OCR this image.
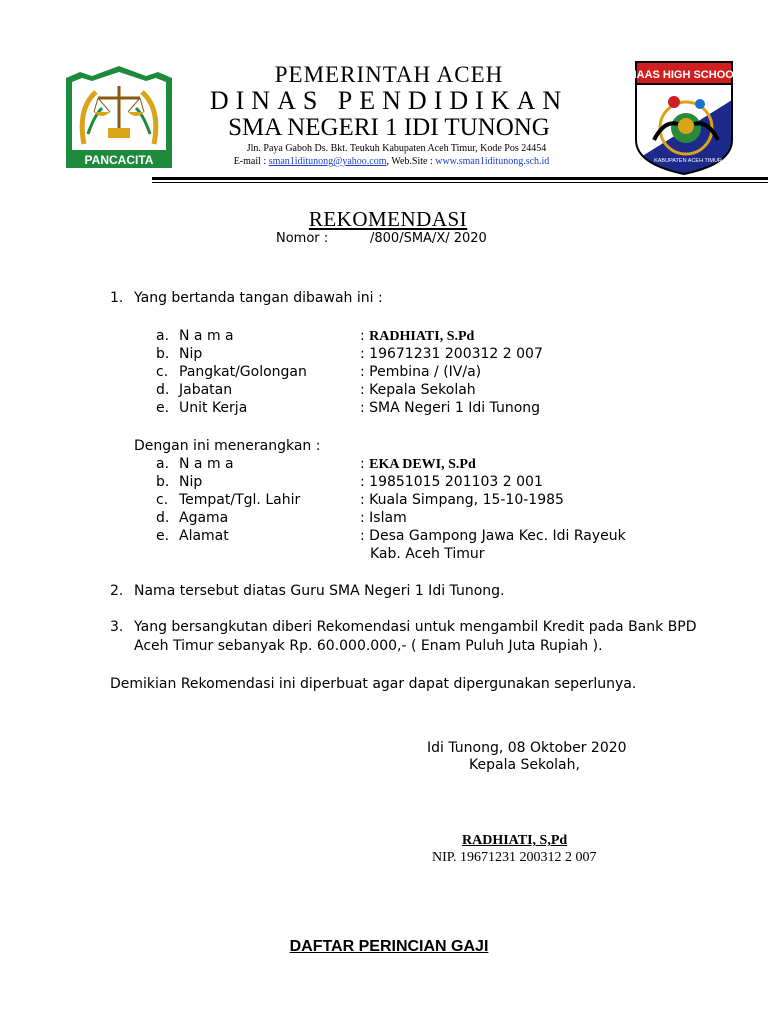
PANCACITA
MAAS HIGH SCHOOL
KABUPATEN ACEH TIMUR
PEMERINTAH ACEH
DINAS PENDIDIKAN
SMA NEGERI 1 IDI TUNONG
Jln. Paya Gaboh Ds. Bkt. Teukuh Kabupaten Aceh Timur, Kode Pos 24454
E-mail : sman1iditunong@yahoo.com, Web.Site : www.sman1iditunong.sch.id
REKOMENDASI
Nomor :	/800/SMA/X/ 2020
1. Yang bertanda tangan dibawah ini :
a. N a m a	: RADHIATI, S.Pd
b. Nip	: 19671231 200312 2 007
c. Pangkat/Golongan	: Pembina / (IV/a)
d. Jabatan	: Kepala Sekolah
e. Unit Kerja	: SMA Negeri 1 Idi Tunong
Dengan ini menerangkan :
a. N a m a	: EKA DEWI, S.Pd
b. Nip	: 19851015 201103 2 001
c. Tempat/Tgl. Lahir	: Kuala Simpang, 15-10-1985
d. Agama	: Islam
e. Alamat	: Desa Gampong Jawa Kec. Idi Rayeuk
Kab. Aceh Timur
2. Nama tersebut diatas Guru SMA Negeri 1 Idi Tunong.
3. Yang bersangkutan diberi Rekomendasi untuk mengambil Kredit pada Bank BPD
Aceh Timur sebanyak Rp. 60.000.000,- ( Enam Puluh Juta Rupiah ).
Demikian Rekomendasi ini diperbuat agar dapat dipergunakan seperlunya.
Idi Tunong, 08 Oktober 2020
Kepala Sekolah,
RADHIATI, S,Pd
NIP. 19671231 200312 2 007
DAFTAR PERINCIAN GAJI
